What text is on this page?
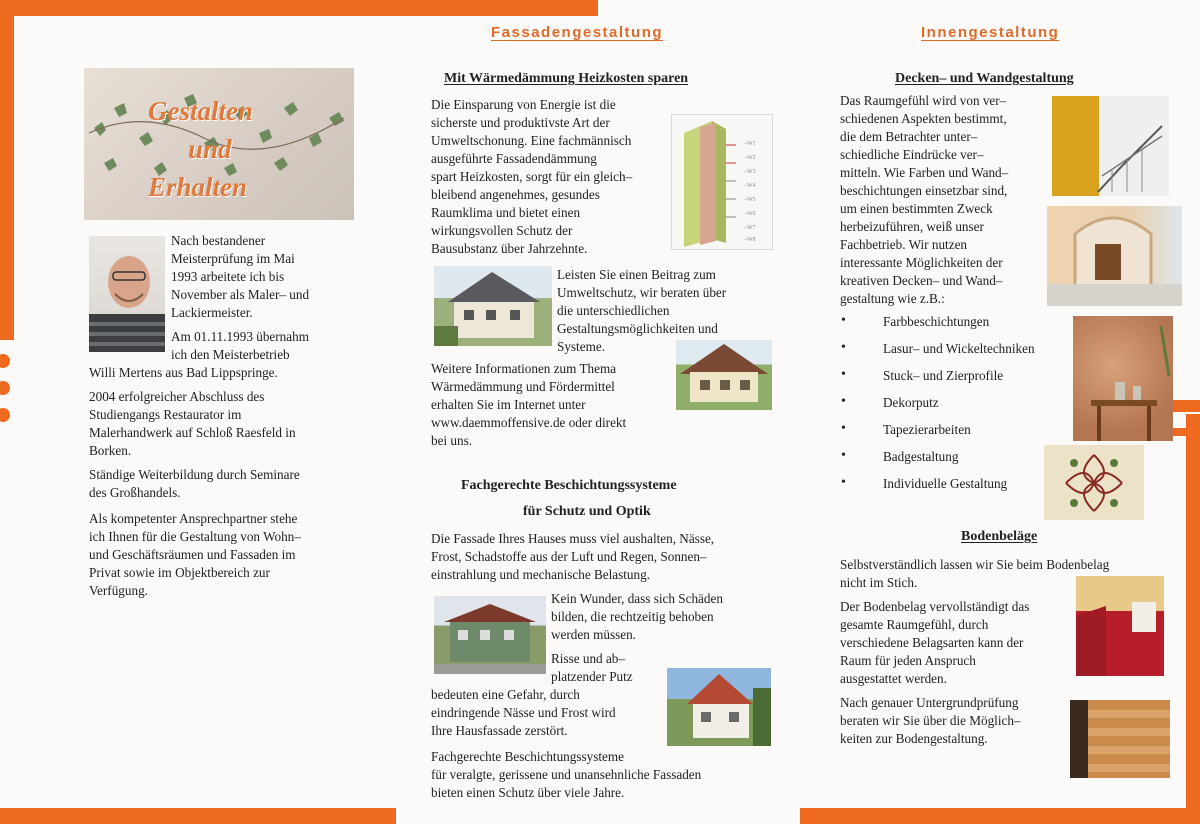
Gestalten
und
Erhalten
Nach bestandener
Meisterprüfung im Mai
1993 arbeitete ich bis
November als Maler– und
Lackiermeister.
Am 01.11.1993 übernahm
ich den Meisterbetrieb
Willi Mertens aus Bad Lippspringe.
2004 erfolgreicher Abschluss des
Studiengangs Restaurator im
Malerhandwerk auf Schloß Raesfeld in
Borken.
Ständige Weiterbildung durch Seminare
des Großhandels.
Als kompetenter Ansprechpartner stehe
ich Ihnen für die Gestaltung von Wohn–
und Geschäftsräumen und Fassaden im
Privat sowie im Objektbereich zur
Verfügung.
Fassadengestaltung
Mit Wärmedämmung Heizkosten sparen
Die Einsparung von Energie ist die
sicherste und produktivste Art der
Umweltschonung. Eine fachmännisch
ausgeführte Fassadendämmung
spart Heizkosten, sorgt für ein gleich–
bleibend angenehmes, gesundes
Raumklima und bietet einen
wirkungsvollen Schutz der
Bausubstanz über Jahrzehnte.
–W1
–W2
–W3
–W4
–W5
–W6
–W7
–W8
Leisten Sie einen Beitrag zum
Umweltschutz, wir beraten über
die unterschiedlichen
Gestaltungsmöglichkeiten und
Systeme.
Weitere Informationen zum Thema
Wärmedämmung und Fördermittel
erhalten Sie im Internet unter
www.daemmoffensive.de oder direkt
bei uns.
Fachgerechte Beschichtungssysteme
für Schutz und Optik
Die Fassade Ihres Hauses muss viel aushalten, Nässe,
Frost, Schadstoffe aus der Luft und Regen, Sonnen–
einstrahlung und mechanische Belastung.
Kein Wunder, dass sich Schäden
bilden, die rechtzeitig behoben
werden müssen.
Risse und ab–
platzender Putz
bedeuten eine Gefahr, durch
eindringende Nässe und Frost wird
Ihre Hausfassade zerstört.
Fachgerechte Beschichtungssysteme
für veralgte, gerissene und unansehnliche Fassaden
bieten einen Schutz über viele Jahre.
Innengestaltung
Decken– und Wandgestaltung
Das Raumgefühl wird von ver–
schiedenen Aspekten bestimmt,
die dem Betrachter unter–
schiedliche Eindrücke ver–
mitteln. Wie Farben und Wand–
beschichtungen einsetzbar sind,
um einen bestimmten Zweck
herbeizuführen, weiß unser
Fachbetrieb. Wir nutzen
interessante Möglichkeiten der
kreativen Decken– und Wand–
gestaltung wie z.B.:
• Farbbeschichtungen
• Lasur– und Wickeltechniken
• Stuck– und Zierprofile
• Dekorputz
• Tapezierarbeiten
• Badgestaltung
• Individuelle Gestaltung
Bodenbeläge
Selbstverständlich lassen wir Sie beim Bodenbelag
nicht im Stich.
Der Bodenbelag vervollständigt das
gesamte Raumgefühl, durch
verschiedene Belagsarten kann der
Raum für jeden Anspruch
ausgestattet werden.
Nach genauer Untergrundprüfung
beraten wir Sie über die Möglich–
keiten zur Bodengestaltung.
